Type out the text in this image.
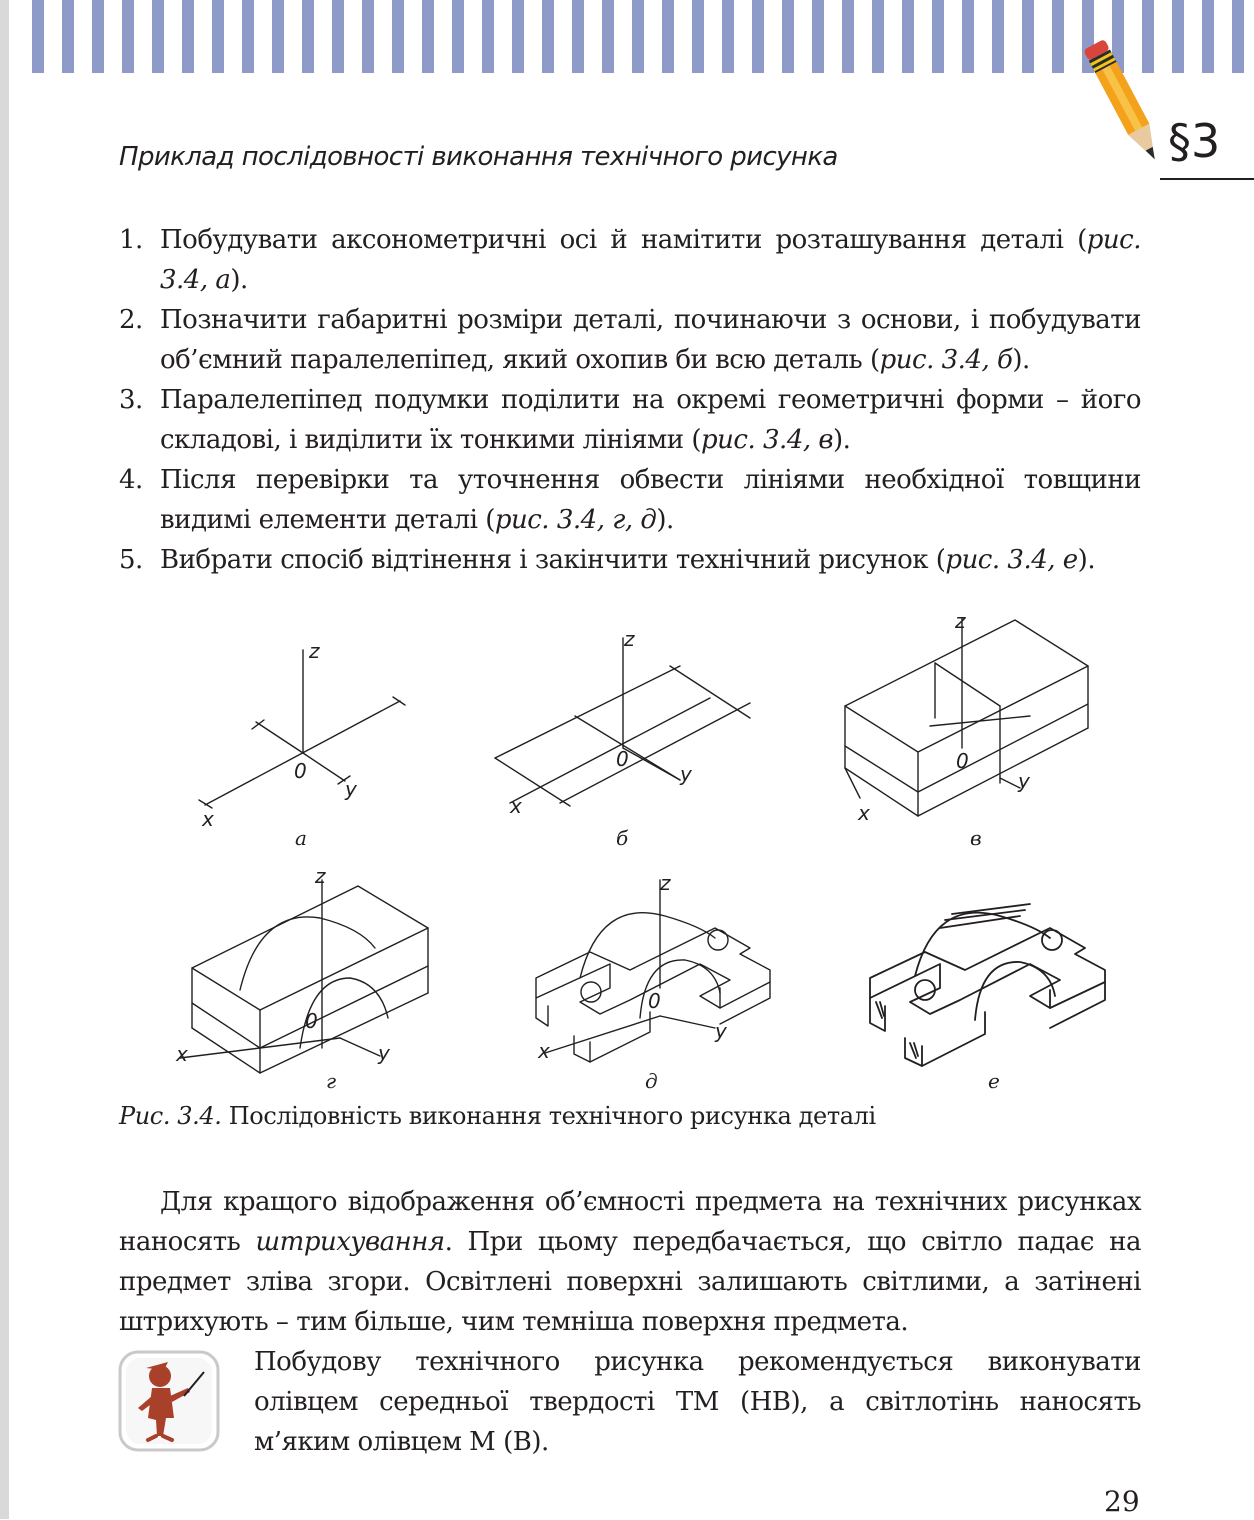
§3
Приклад послідовності виконання технічного рисунка
1. Побудувати аксонометричні осі й намітити розташування деталі (рис. 3.4, а).
2. Позначити габаритні розміри деталі, починаючи з основи, і побудувати об’ємний паралелепіпед, який охопив би всю деталь (рис. 3.4, б).
3. Паралелепіпед подумки поділити на окремі геометричні форми – його складові, і виділити їх тонкими лініями (рис. 3.4, в).
4. Після перевірки та уточнення обвести лініями необхідної товщини видимі елементи деталі (рис. 3.4, г, д).
5. Вибрати спосіб відтінення і закінчити технічний рисунок (рис. 3.4, е).
z
0
y
x
а
z
0
y
x
б
z
0
y
x
в
z
0
y
x
г
z
0
y
x
д	е
Рис. 3.4. Послідовність виконання технічного рисунка деталі

Для кращого відображення об’ємності предмета на технічних рисунках наносять штрихування. При цьому передбачається, що світло падає на предмет зліва згори. Освітлені поверхні залишають світлими, а затінені штрихують – тим більше, чим темніша поверхня предмета.

Побудову технічного рисунка рекомендується виконувати олівцем середньої твердості ТМ (НВ), а світлотінь наносять м’яким олівцем М (В).

29
